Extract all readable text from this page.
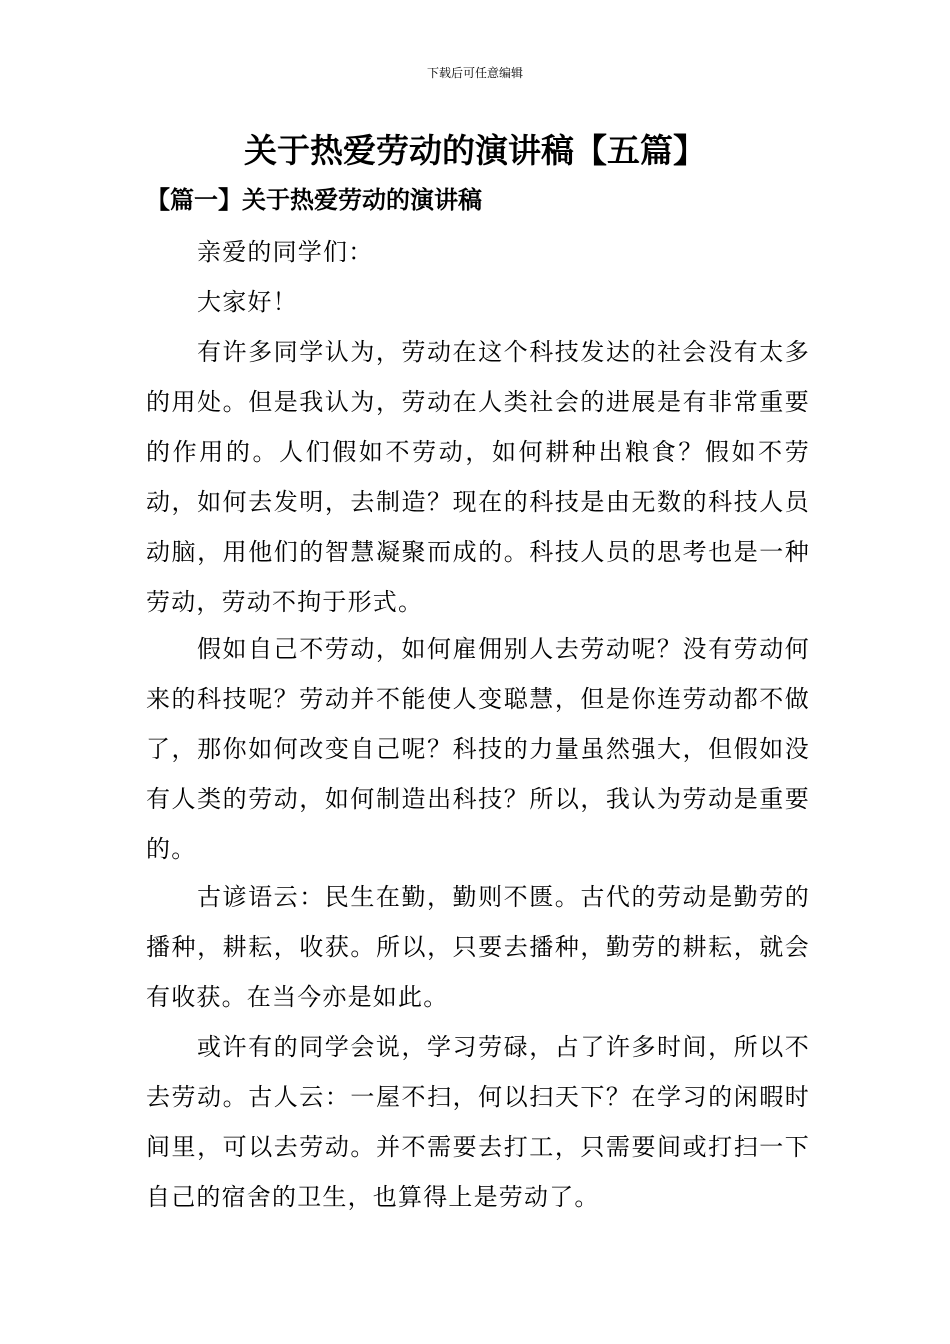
下载后可任意编辑
关于热爱劳动的演讲稿【五篇】
【篇一】关于热爱劳动的演讲稿

亲爱的同学们：

大家好！

有许多同学认为，劳动在这个科技发达的社会没有太多的用处。但是我认为，劳动在人类社会的进展是有非常重要的作用的。人们假如不劳动，如何耕种出粮食？假如不劳动，如何去发明，去制造？现在的科技是由无数的科技人员动脑，用他们的智慧凝聚而成的。科技人员的思考也是一种劳动，劳动不拘于形式。

假如自己不劳动，如何雇佣别人去劳动呢？没有劳动何来的科技呢？劳动并不能使人变聪慧，但是你连劳动都不做了，那你如何改变自己呢？科技的力量虽然强大，但假如没有人类的劳动，如何制造出科技？所以，我认为劳动是重要的。

古谚语云：民生在勤，勤则不匮。古代的劳动是勤劳的播种，耕耘，收获。所以，只要去播种，勤劳的耕耘，就会有收获。在当今亦是如此。

或许有的同学会说，学习劳碌，占了许多时间，所以不去劳动。古人云：一屋不扫，何以扫天下？在学习的闲暇时间里，可以去劳动。并不需要去打工，只需要间或打扫一下自己的宿舍的卫生，也算得上是劳动了。
